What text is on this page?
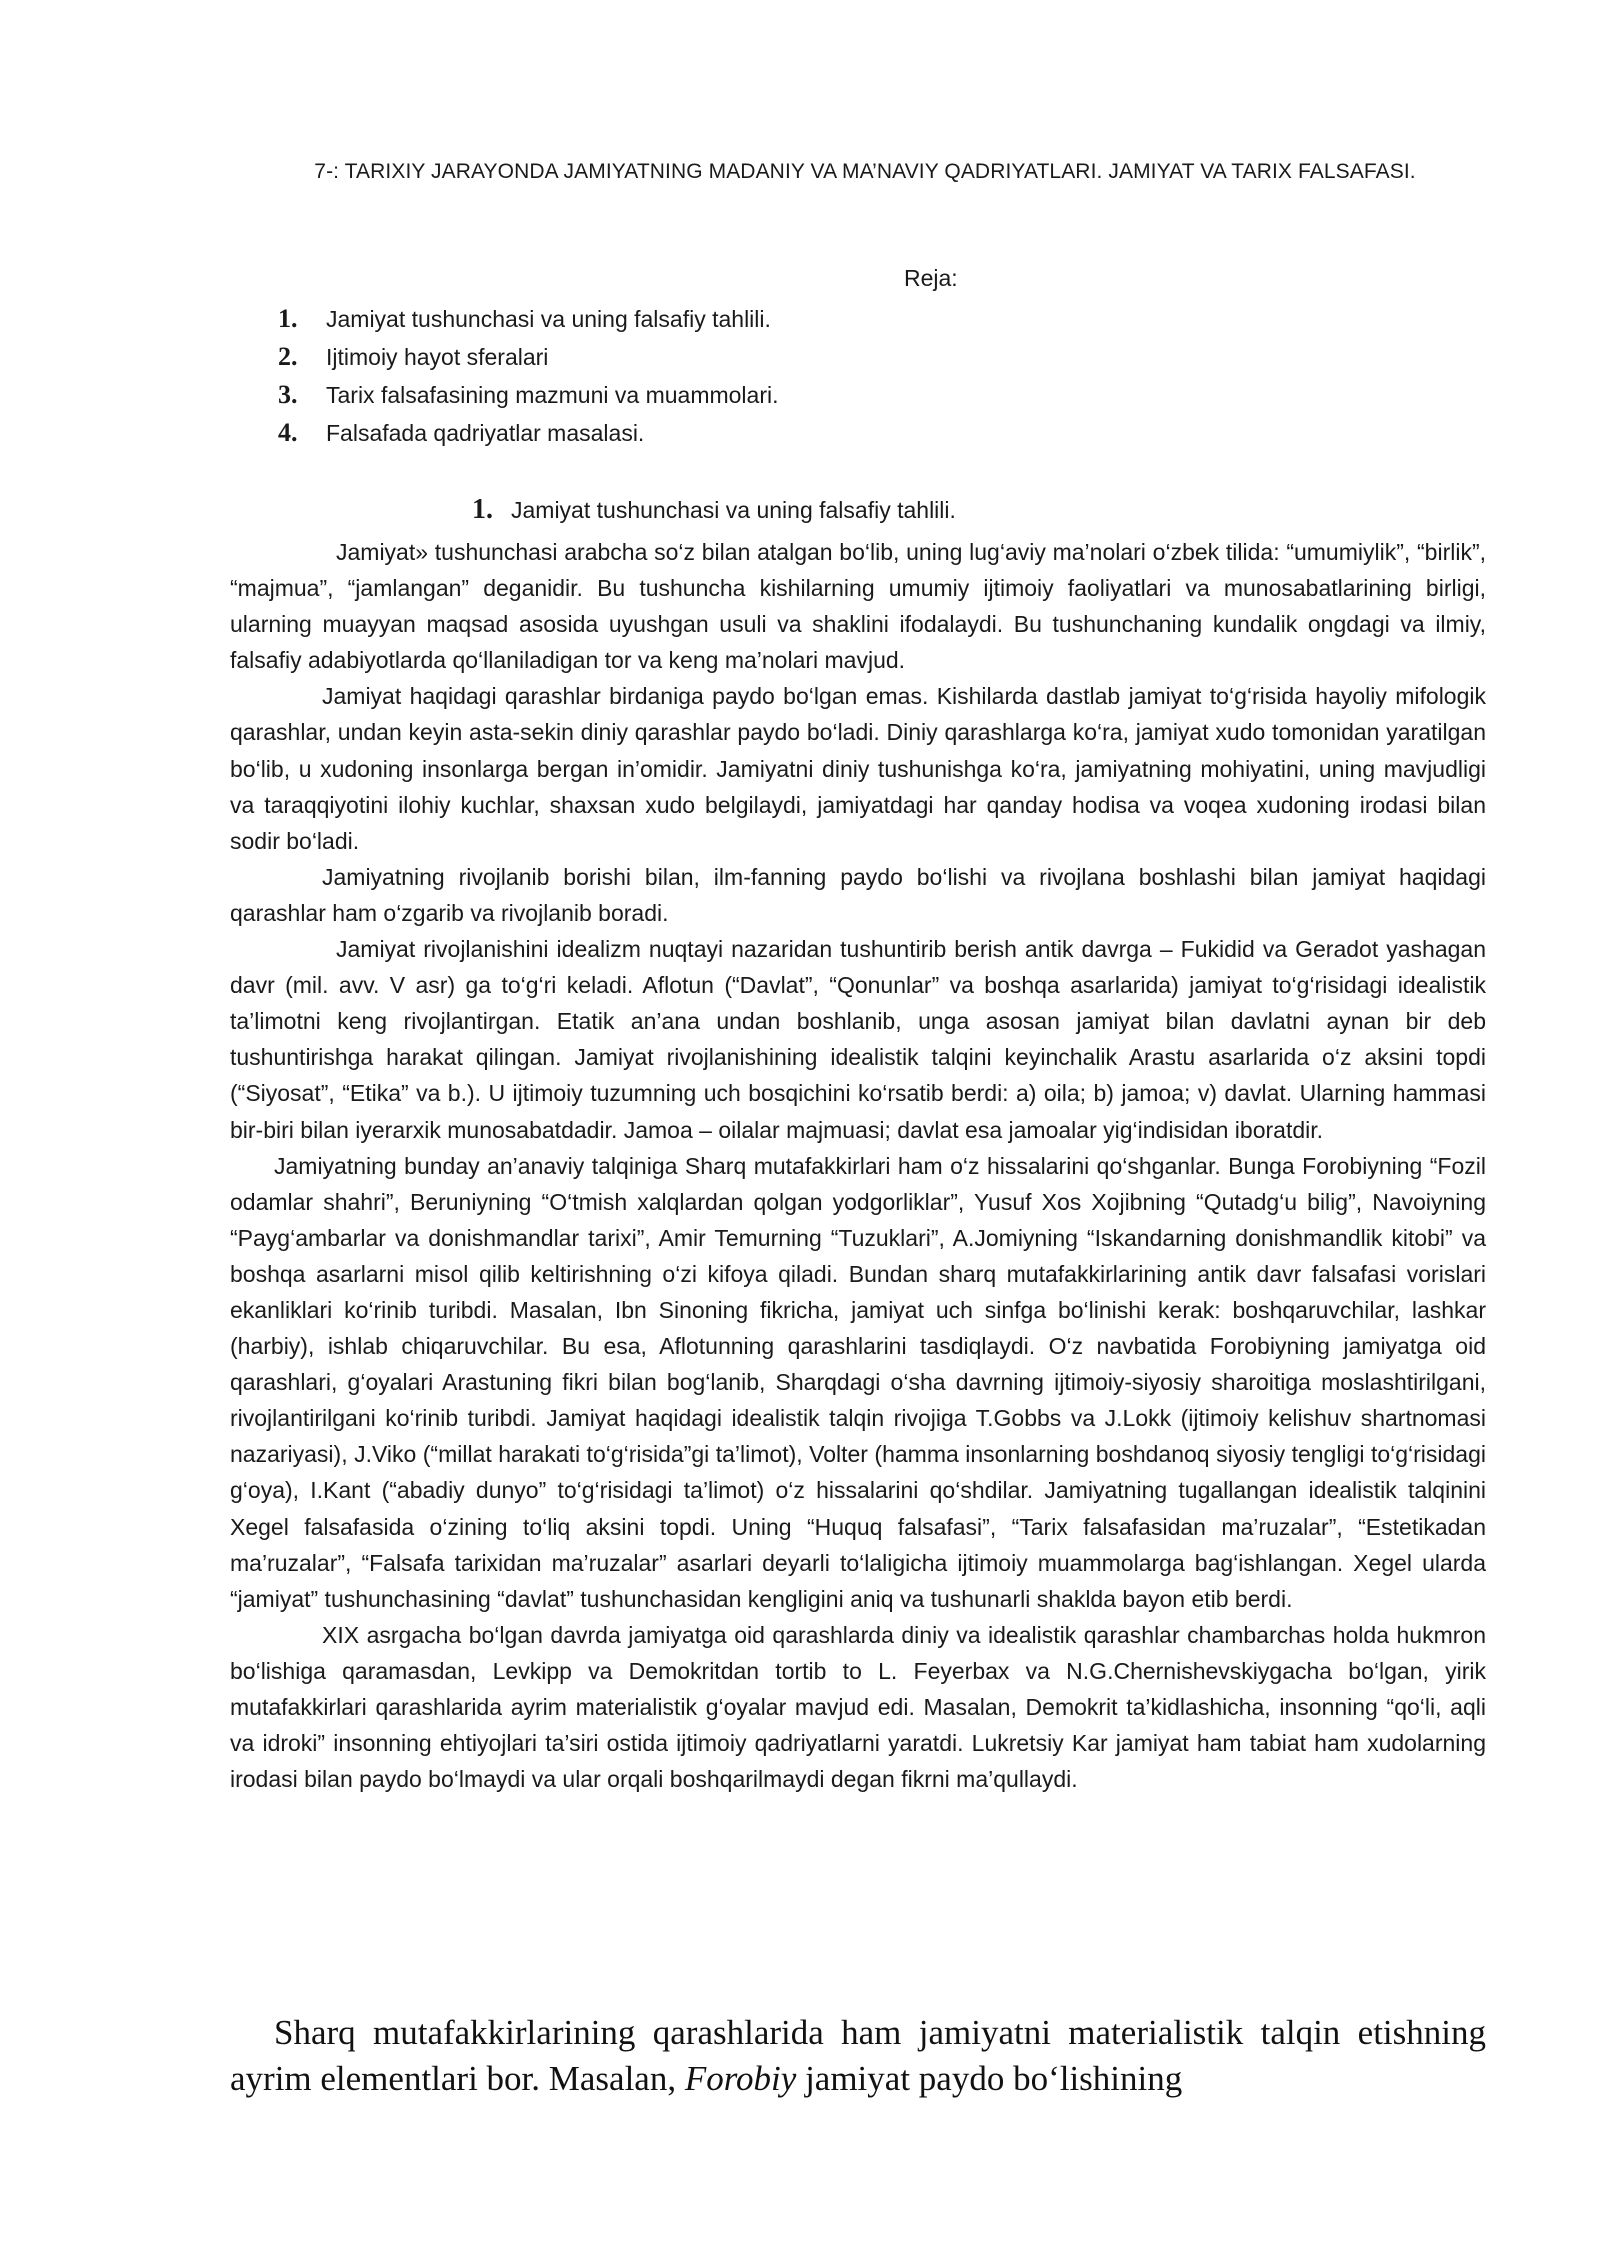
7-: TARIXIY JARAYONDA JAMIYATNING MADANIY VA MA’NAVIY QADRIYATLARI. JAMIYAT VA TARIX FALSAFASI.
Reja:
1. Jamiyat tushunchasi va uning falsafiy tahlili.
2. Ijtimoiy hayot sferalari
3. Tarix falsafasining mazmuni va muammolari.
4. Falsafada qadriyatlar masalasi.
1. Jamiyat tushunchasi va uning falsafiy tahlili.

Jamiyat» tushunchasi arabcha so‘z bilan atalgan bo‘lib, uning lug‘aviy ma’nolari o‘zbek tilida: “umumiylik”, “birlik”, “majmua”, “jamlangan” deganidir. Bu tushuncha kishilarning umumiy ijtimoiy faoliyatlari va munosabatlarining birligi, ularning muayyan maqsad asosida uyushgan usuli va shaklini ifodalaydi. Bu tushunchaning kundalik ongdagi va ilmiy, falsafiy adabiyotlarda qo‘llaniladigan tor va keng ma’nolari mavjud.

Jamiyat haqidagi qarashlar birdaniga paydo bo‘lgan emas. Kishilarda dastlab jamiyat to‘g‘risida hayoliy mifologik qarashlar, undan keyin asta-sekin diniy qarashlar paydo bo‘ladi. Diniy qarashlarga ko‘ra, jamiyat xudo tomonidan yaratilgan bo‘lib, u xudoning insonlarga bergan in’omidir. Jamiyatni diniy tushunishga ko‘ra, jamiyatning mohiyatini, uning mavjudligi va taraqqiyotini ilohiy kuchlar, shaxsan xudo belgilaydi, jamiyatdagi har qanday hodisa va voqea xudoning irodasi bilan sodir bo‘ladi.

Jamiyatning rivojlanib borishi bilan, ilm-fanning paydo bo‘lishi va rivojlana boshlashi bilan jamiyat haqidagi qarashlar ham o‘zgarib va rivojlanib boradi.

Jamiyat rivojlanishini idealizm nuqtayi nazaridan tushuntirib berish antik davrga – Fukidid va Geradot yashagan davr (mil. avv. V asr) ga to‘g‘ri keladi. Aflotun (“Davlat”, “Qonunlar” va boshqa asarlarida) jamiyat to‘g‘risidagi idealistik ta’limotni keng rivojlantirgan. Etatik an’ana undan boshlanib, unga asosan jamiyat bilan davlatni aynan bir deb tushuntirishga harakat qilingan. Jamiyat rivojlanishining idealistik talqini keyinchalik Arastu asarlarida o‘z aksini topdi (“Siyosat”, “Etika” va b.). U ijtimoiy tuzumning uch bosqichini ko‘rsatib berdi: a) oila; b) jamoa; v) davlat. Ularning hammasi bir-biri bilan iyerarxik munosabatdadir. Jamoa – oilalar majmuasi; davlat esa jamoalar yig‘indisidan iboratdir.

Jamiyatning bunday an’anaviy talqiniga Sharq mutafakkirlari ham o‘z hissalarini qo‘shganlar. Bunga Forobiyning “Fozil odamlar shahri”, Beruniyning “O‘tmish xalqlardan qolgan yodgorliklar”, Yusuf Xos Xojibning “Qutadg‘u bilig”, Navoiyning “Payg‘ambarlar va donishmandlar tarixi”, Amir Temurning “Tuzuklari”, A.Jomiyning “Iskandarning donishmandlik kitobi” va boshqa asarlarni misol qilib keltirishning o‘zi kifoya qiladi. Bundan sharq mutafakkirlarining antik davr falsafasi vorislari ekanliklari ko‘rinib turibdi. Masalan, Ibn Sinoning fikricha, jamiyat uch sinfga bo‘linishi kerak: boshqaruvchilar, lashkar (harbiy), ishlab chiqaruvchilar. Bu esa, Aflotunning qarashlarini tasdiqlaydi. O‘z navbatida Forobiyning jamiyatga oid qarashlari, g‘oyalari Arastuning fikri bilan bog‘lanib, Sharqdagi o‘sha davrning ijtimoiy-siyosiy sharoitiga moslashtirilgani, rivojlantirilgani ko‘rinib turibdi. Jamiyat haqidagi idealistik talqin rivojiga T.Gobbs va J.Lokk (ijtimoiy kelishuv shartnomasi nazariyasi), J.Viko (“millat harakati to‘g‘risida”gi ta’limot), Volter (hamma insonlarning boshdanoq siyosiy tengligi to‘g‘risidagi g‘oya), I.Kant (“abadiy dunyo” to‘g‘risidagi ta’limot) o‘z hissalarini qo‘shdilar. Jamiyatning tugallangan idealistik talqinini Xegel falsafasida o‘zining to‘liq aksini topdi. Uning “Huquq falsafasi”, “Tarix falsafasidan ma’ruzalar”, “Estetikadan ma’ruzalar”, “Falsafa tarixidan ma’ruzalar” asarlari deyarli to‘laligicha ijtimoiy muammolarga bag‘ishlangan. Xegel ularda “jamiyat” tushunchasining “davlat” tushunchasidan kengligini aniq va tushunarli shaklda bayon etib berdi.

XIX asrgacha bo‘lgan davrda jamiyatga oid qarashlarda diniy va idealistik qarashlar chambarchas holda hukmron bo‘lishiga qaramasdan, Levkipp va Demokritdan tortib to L. Feyerbax va N.G.Chernishevskiygacha bo‘lgan, yirik mutafakkirlari qarashlarida ayrim materialistik g‘oyalar mavjud edi. Masalan, Demokrit ta’kidlashicha, insonning “qo‘li, aqli va idroki” insonning ehtiyojlari ta’siri ostida ijtimoiy qadriyatlarni yaratdi. Lukretsiy Kar jamiyat ham tabiat ham xudolarning irodasi bilan paydo bo‘lmaydi va ular orqali boshqarilmaydi degan fikrni ma’qullaydi.

Sharq mutafakkirlarining qarashlarida ham jamiyatni materialistik talqin etishning ayrim elementlari bor. Masalan, Forobiy jamiyat paydo bo‘lishining
